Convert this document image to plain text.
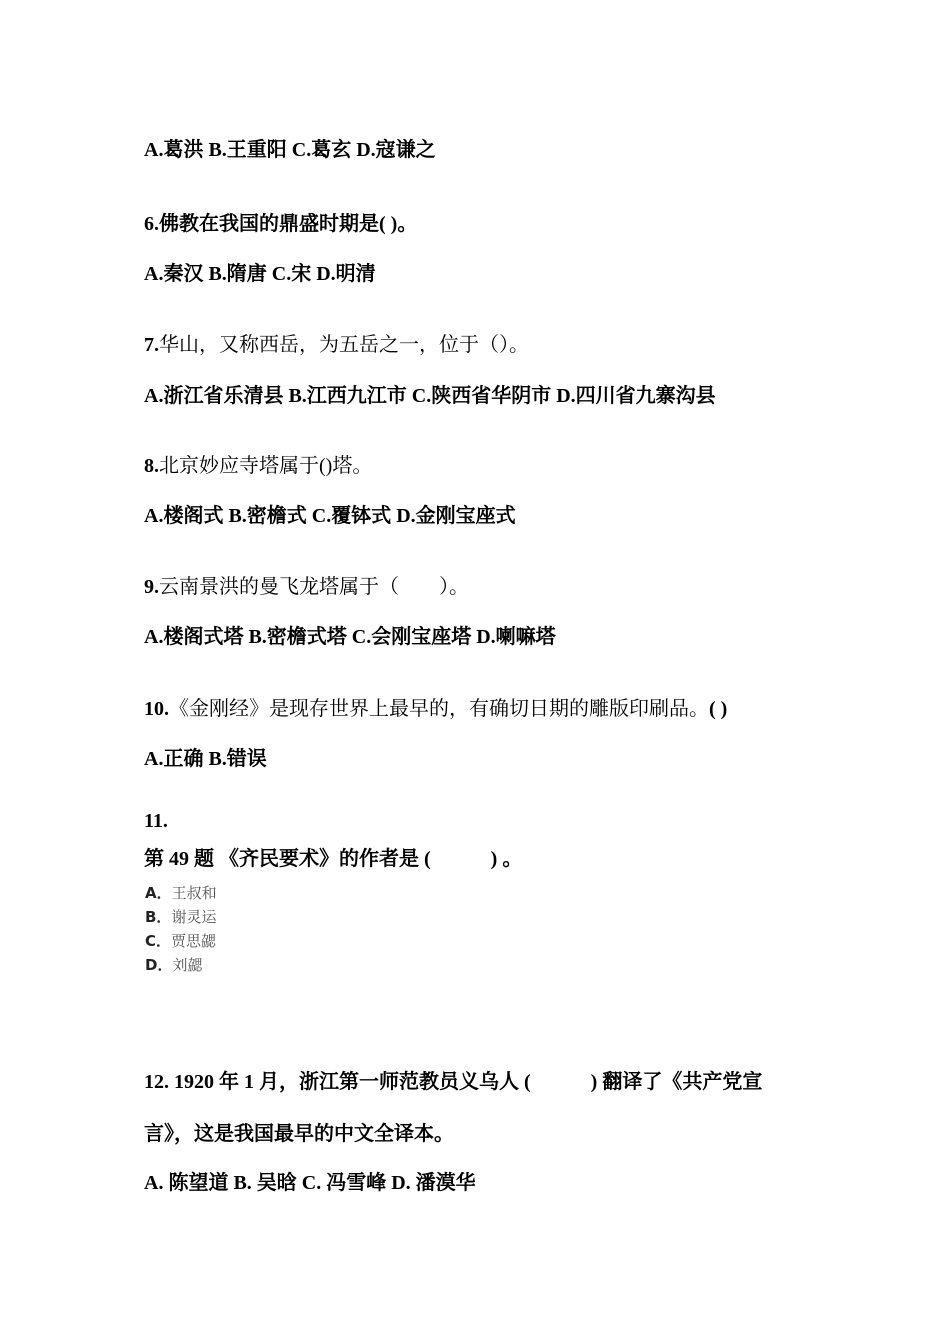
A.葛洪 B.王重阳 C.葛玄 D.寇谦之
6.佛教在我国的鼎盛时期是( )。
A.秦汉 B.隋唐 C.宋 D.明清
7.华山，又称西岳，为五岳之一，位于（）。
A.浙江省乐清县 B.江西九江市 C.陕西省华阴市 D.四川省九寨沟县
8.北京妙应寺塔属于()塔。
A.楼阁式 B.密檐式 C.覆钵式 D.金刚宝座式
9.云南景洪的曼飞龙塔属于（　　）。
A.楼阁式塔 B.密檐式塔 C.会刚宝座塔 D.喇嘛塔
10.《金刚经》是现存世界上最早的，有确切日期的雕版印刷品。( )
A.正确 B.错误
11.
第 49 题 《齐民要术》的作者是 (　　　) 。
A．王叔和
B．谢灵运
C．贾思勰
D．刘勰
12. 1920 年 1 月，浙江第一师范教员义乌人 (　　　) 翻译了《共产党宣
言》，这是我国最早的中文全译本。
A. 陈望道 B. 吴晗 C. 冯雪峰 D. 潘漠华
